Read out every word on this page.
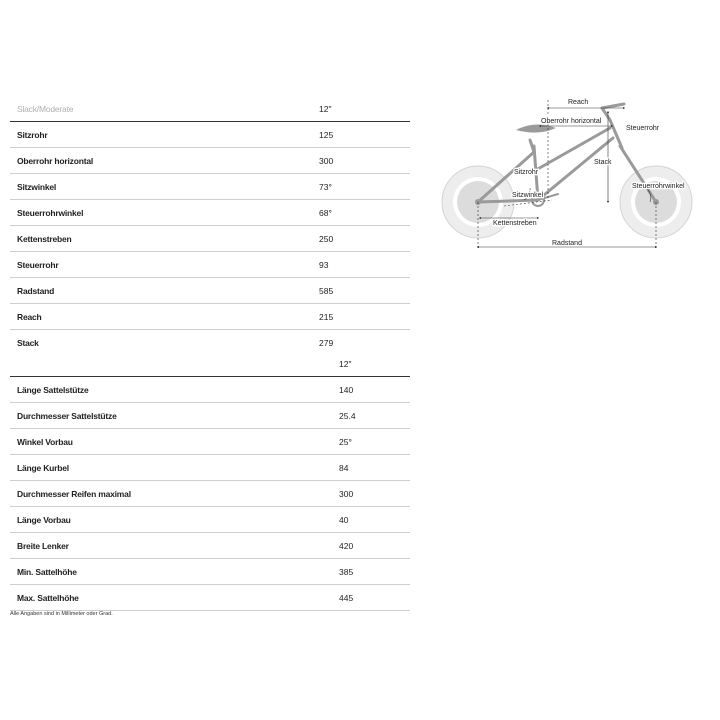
Slack/Moderate	12"
Sitzrohr	125
Oberrohr horizontal	300
Sitzwinkel	73°
Steuerrohrwinkel	68°
Kettenstreben	250
Steuerrohr	93
Radstand	585
Reach	215
Stack	279
12"
Länge Sattelstütze	140
Durchmesser Sattelstütze	25.4
Winkel Vorbau	25°
Länge Kurbel	84
Durchmesser Reifen maximal	300
Länge Vorbau	40
Breite Lenker	420
Min. Sattelhöhe	385
Max. Sattelhöhe	445
Alle Angaben sind in Millimeter oder Grad.
Reach
Oberrohr horizontal
Steuerrohr
Stack
Sitzrohr
Steuerrohrwinkel
Sitzwinkel
Kettenstreben
Radstand
